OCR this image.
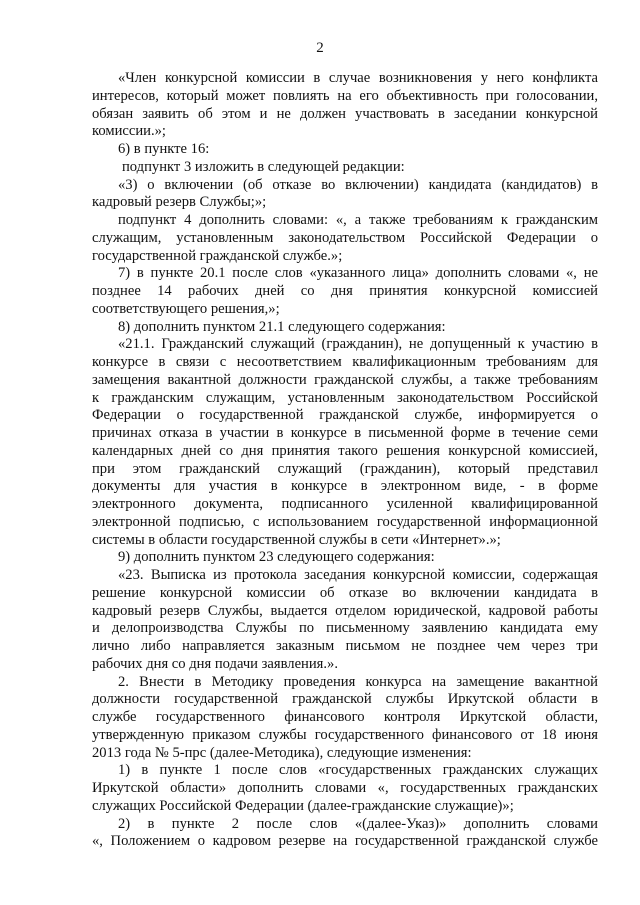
2
«Член конкурсной комиссии в случае возникновения у него конфликта
интересов, который может повлиять на его объективность при голосовании,
обязан заявить об этом и не должен участвовать в заседании конкурсной
комиссии.»;
6) в пункте 16:
подпункт 3 изложить в следующей редакции:
«3) о включении (об отказе во включении) кандидата (кандидатов) в
кадровый резерв Службы;»;
подпункт 4 дополнить словами: «, а также требованиям к гражданским
служащим, установленным законодательством Российской Федерации о
государственной гражданской службе.»;
7) в пункте 20.1 после слов «указанного лица» дополнить словами «, не
позднее 14 рабочих дней со дня принятия конкурсной комиссией
соответствующего решения,»;
8) дополнить пунктом 21.1 следующего содержания:
«21.1. Гражданский служащий (гражданин), не допущенный к участию в
конкурсе в связи с несоответствием квалификационным требованиям для
замещения вакантной должности гражданской службы, а также требованиям
к гражданским служащим, установленным законодательством Российской
Федерации о государственной гражданской службе, информируется о
причинах отказа в участии в конкурсе в письменной форме в течение семи
календарных дней со дня принятия такого решения конкурсной комиссией,
при этом гражданский служащий (гражданин), который представил
документы для участия в конкурсе в электронном виде, - в форме
электронного документа, подписанного усиленной квалифицированной
электронной подписью, с использованием государственной информационной
системы в области государственной службы в сети «Интернет».»;
9) дополнить пунктом 23 следующего содержания:
«23. Выписка из протокола заседания конкурсной комиссии, содержащая
решение конкурсной комиссии об отказе во включении кандидата в
кадровый резерв Службы, выдается отделом юридической, кадровой работы
и делопроизводства Службы по письменному заявлению кандидата ему
лично либо направляется заказным письмом не позднее чем через три
рабочих дня со дня подачи заявления.».
2. Внести в Методику проведения конкурса на замещение вакантной
должности государственной гражданской службы Иркутской области в
службе государственного финансового контроля Иркутской области,
утвержденную приказом службы государственного финансового от 18 июня
2013 года № 5-прс (далее-Методика), следующие изменения:
1) в пункте 1 после слов «государственных гражданских служащих
Иркутской области» дополнить словами «, государственных гражданских
служащих Российской Федерации (далее-гражданские служащие)»;
2) в пункте 2 после слов «(далее-Указ)» дополнить словами
«, Положением о кадровом резерве на государственной гражданской службе
